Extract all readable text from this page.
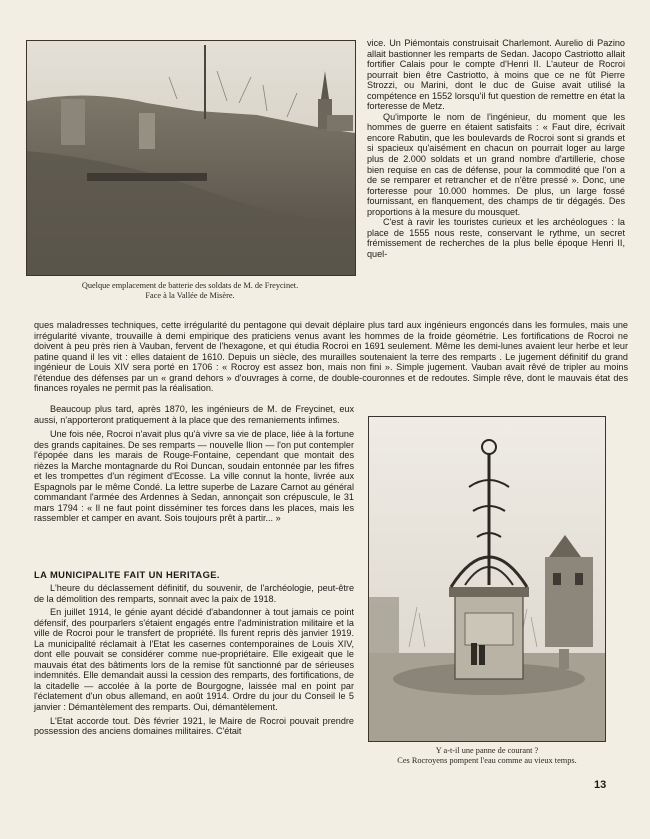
Quelque emplacement de batterie des soldats de M. de Freycinet.
Face à la Vallée de Misère.

vice. Un Piémontais construisait Charlemont. Aurelio di Pazino allait bastionner les remparts de Sedan. Jacopo Castriotto allait fortifier Calais pour le compte d'Henri II. L'auteur de Rocroi pourrait bien être Castriotto, à moins que ce ne fût Pierre Strozzi, ou Marini, dont le duc de Guise avait utilisé la compétence en 1552 lorsqu'il fut question de remettre en état la forteresse de Metz.

Qu'importe le nom de l'ingénieur, du moment que les hommes de guerre en étaient satisfaits : « Faut dire, écrivait encore Rabutin, que les boulevards de Rocroi sont si grands et si spacieux qu'aisément en chacun on pourrait loger au large plus de 2.000 soldats et un grand nombre d'artillerie, chose bien requise en cas de défense, pour la commodité que l'on a de se remparer et retrancher et de n'être pressé ». Donc, une forteresse pour 10.000 hommes. De plus, un large fossé fournissant, en flanquement, des champs de tir dégagés. Des proportions à la mesure du mousquet.

C'est à ravir les touristes curieux et les archéologues : la place de 1555 nous reste, conservant le rythme, un secret frémissement de recherches de la plus belle époque Henri II, quel-

ques maladresses techniques, cette irrégularité du pentagone qui devait déplaire plus tard aux ingénieurs engoncés dans les formules, mais une irrégularité vivante, trouvaille à demi empirique des praticiens venus avant les hommes de la froide géométrie. Les fortifications de Rocroi ne doivent à peu près rien à Vauban, fervent de l'hexagone, et qui étudia Rocroi en 1691 seulement. Même les demi-lunes avaient leur herbe et leur patine quand il les vit : elles dataient de 1610. Depuis un siècle, des murailles soutenaient la terre des remparts . Le jugement définitif du grand ingénieur de Louis XIV sera porté en 1706 : « Rocroy est assez bon, mais non fini ». Simple jugement. Vauban avait rêvé de tripler au moins l'étendue des défenses par un « grand dehors » d'ouvrages à corne, de double-couronnes et de redoutes. Simple rêve, dont le mauvais état des finances royales ne permit pas la réalisation.

Beaucoup plus tard, après 1870, les ingénieurs de M. de Freycinet, eux aussi, n'apporteront pratiquement à la place que des remaniements infimes.

Une fois née, Rocroi n'avait plus qu'à vivre sa vie de place, liée à la fortune des grands capitaines. De ses remparts — nouvelle Ilion — l'on put contempler l'épopée dans les marais de Rouge-Fontaine, cependant que montait des rièzes la Marche montagnarde du Roi Duncan, soudain entonnée par les fifres et les trompettes d'un régiment d'Ecosse. La ville connut la honte, livrée aux Espagnols par le même Condé. La lettre superbe de Lazare Carnot au général commandant l'armée des Ardennes à Sedan, annonçait son crépuscule, le 31 mars 1794 : « Il ne faut point disséminer tes forces dans les places, mais les rassembler et camper en avant. Sois toujours prêt à partir... »

LA MUNICIPALITE FAIT UN HERITAGE.

L'heure du déclassement définitif, du souvenir, de l'archéologie, peut-être de la démolition des remparts, sonnait avec la paix de 1918.

En juillet 1914, le génie ayant décidé d'abandonner à tout jamais ce point défensif, des pourparlers s'étaient engagés entre l'administration militaire et la ville de Rocroi pour le transfert de propriété. Ils furent repris dès janvier 1919. La municipalité réclamait à l'Etat les casernes contemporaines de Louis XIV, dont elle pouvait se considérer comme nue-propriétaire. Elle exigeait que le mauvais état des bâtiments lors de la remise fût sanctionné par de sérieuses indemnités. Elle demandait aussi la cession des remparts, des fortifications, de la citadelle — accolée à la porte de Bourgogne, laissée mal en point par l'éclatement d'un obus allemand, en août 1914. Ordre du jour du Conseil le 5 janvier : Démantèlement des remparts. Oui, démantèlement.

L'Etat accorde tout. Dès février 1921, le Maire de Rocroi pouvait prendre possession des anciens domaines militaires. C'était

Y a-t-il une panne de courant ?
Ces Rocroyens pompent l'eau comme au vieux temps.
13
